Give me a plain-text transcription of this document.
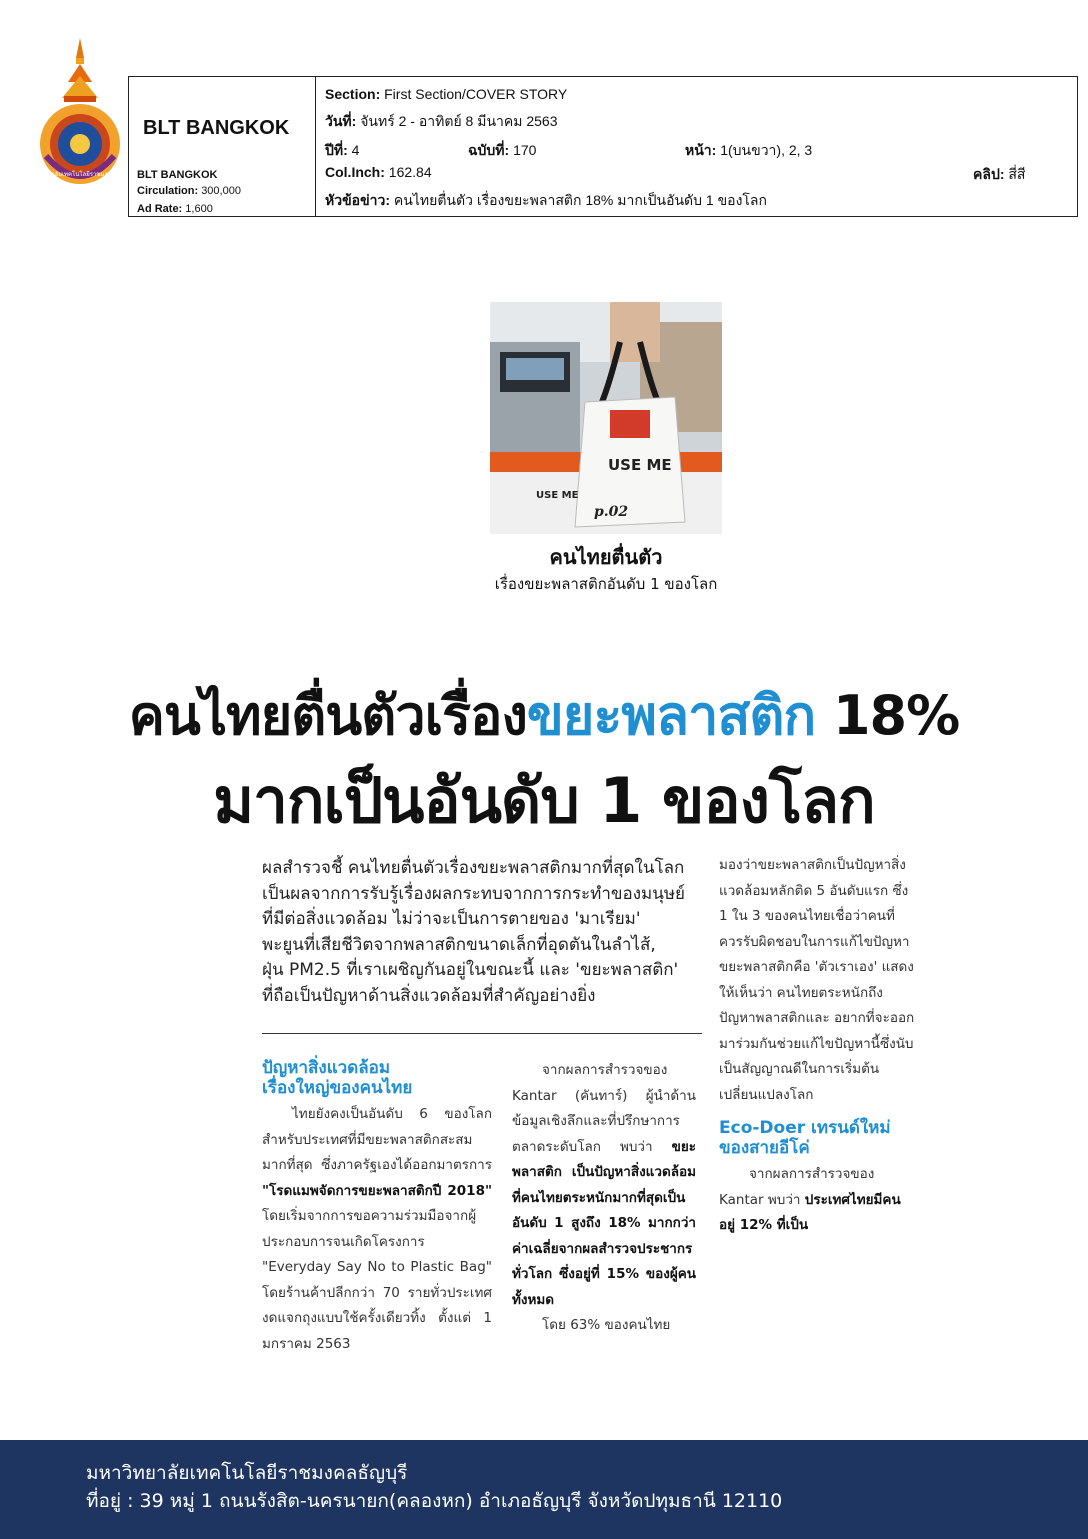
มหาวิทยาลัยเทคโนโลยีราชมงคลธัญบุรี
BLT BANGKOK
BLT BANGKOK
Circulation: 300,000
Ad Rate: 1,600
Section: First Section/COVER STORY
วันที่: จันทร์ 2 - อาทิตย์ 8 มีนาคม 2563
ปีที่: 4	ฉบับที่: 170	หน้า: 1(บนขวา), 2, 3
Col.Inch: 162.84	คลิป: สี่สี
หัวข้อข่าว: คนไทยตื่นตัว เรื่องขยะพลาสติก 18% มากเป็นอันดับ 1 ของโลก
USE ME
USE ME
p.02
คนไทยตื่นตัว
เรื่องขยะพลาสติกอันดับ 1 ของโลก
คนไทยตื่นตัวเรื่องขยะพลาสติก 18%
มากเป็นอันดับ 1 ของโลก
ผลสำรวจชี้ คนไทยตื่นตัวเรื่องขยะพลาสติกมากที่สุดในโลก
เป็นผลจากการรับรู้เรื่องผลกระทบจากการกระทำของมนุษย์
ที่มีต่อสิ่งแวดล้อม ไม่ว่าจะเป็นการตายของ 'มาเรียม'
พะยูนที่เสียชีวิตจากพลาสติกขนาดเล็กที่อุดตันในลำไส้,
ฝุ่น PM2.5 ที่เราเผชิญกันอยู่ในขณะนี้ และ 'ขยะพลาสติก'
ที่ถือเป็นปัญหาด้านสิ่งแวดล้อมที่สำคัญอย่างยิ่ง
ปัญหาสิ่งแวดล้อม
เรื่องใหญ่ของคนไทย

ไทยยังคงเป็นอันดับ 6 ของโลกสำหรับประเทศที่มีขยะพลาสติกสะสมมากที่สุด ซึ่งภาครัฐเองได้ออกมาตรการ "โรดแมพจัดการขยะพลาสติกปี 2018" โดยเริ่มจากการขอความร่วมมือจากผู้ประกอบการจนเกิดโครงการ "Everyday Say No to Plastic Bag" โดยร้านค้าปลีกกว่า 70 รายทั่วประเทศงดแจกถุงแบบใช้ครั้งเดียวทิ้ง ตั้งแต่ 1 มกราคม 2563

จากผลการสำรวจของ Kantar (คันทาร์) ผู้นำด้านข้อมูลเชิงลึกและที่ปรึกษาการตลาดระดับโลก พบว่า ขยะพลาสติก เป็นปัญหาสิ่งแวดล้อมที่คนไทยตระหนักมากที่สุดเป็นอันดับ 1 สูงถึง 18% มากกว่าค่าเฉลี่ยจากผลสำรวจประชากรทั่วโลก ซึ่งอยู่ที่ 15% ของผู้คนทั้งหมด

โดย 63% ของคนไทย

มองว่าขยะพลาสติกเป็นปัญหาสิ่งแวดล้อมหลักติด 5 อันดับแรก ซึ่ง 1 ใน 3 ของคนไทยเชื่อว่าคนที่ควรรับผิดชอบในการแก้ไขปัญหาขยะพลาสติกคือ 'ตัวเราเอง' แสดงให้เห็นว่า คนไทยตระหนักถึงปัญหาพลาสติกและ อยากที่จะออกมาร่วมกันช่วยแก้ไขปัญหานี้ซึ่งนับเป็นสัญญาณดีในการเริ่มต้นเปลี่ยนแปลงโลก

Eco-Doer เทรนด์ใหม่
ของสายอีโค่

จากผลการสำรวจของ Kantar พบว่า ประเทศไทยมีคนอยู่ 12% ที่เป็น

มหาวิทยาลัยเทคโนโลยีราชมงคลธัญบุรี
ที่อยู่ : 39 หมู่ 1 ถนนรังสิต-นครนายก(คลองหก) อำเภอธัญบุรี จังหวัดปทุมธานี 12110
